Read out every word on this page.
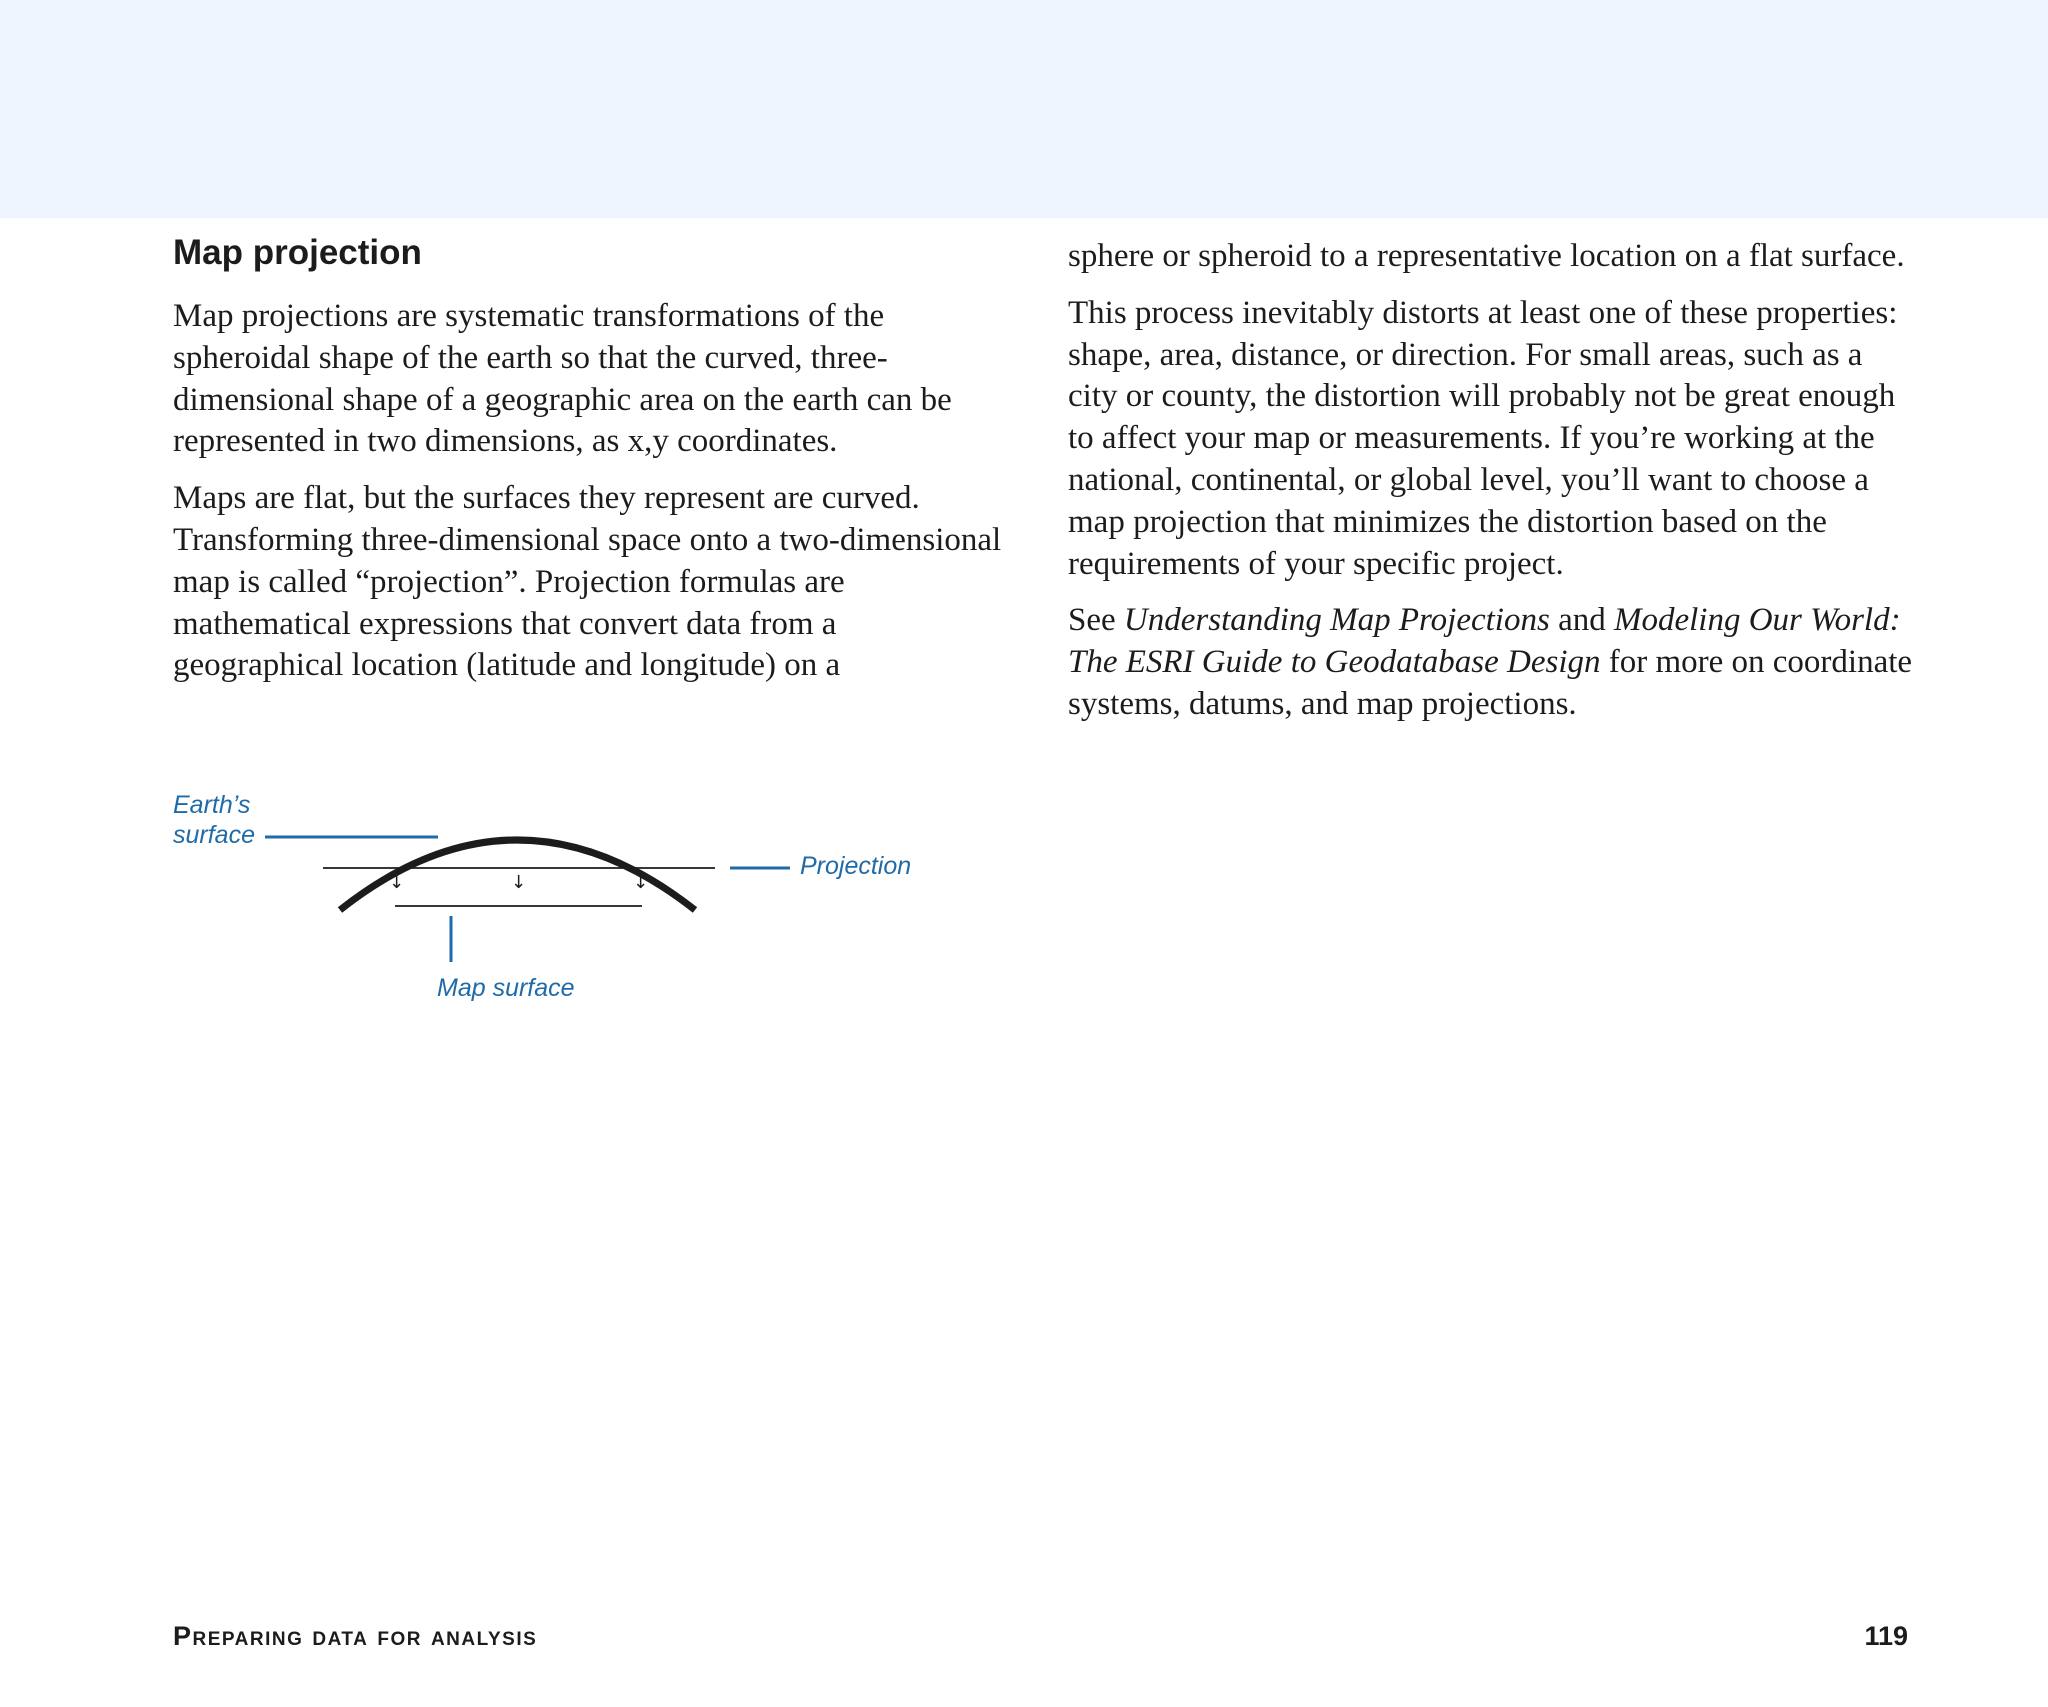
Map projection

Map projections are systematic transformations of the spheroidal shape of the earth so that the curved, three-dimensional shape of a geographic area on the earth can be represented in two dimensions, as x,y coordinates.

Maps are flat, but the surfaces they represent are curved. Transforming three-dimensional space onto a two-dimensional map is called “projection”. Projection formulas are mathematical expressions that convert data from a geographical location (latitude and longitude) on a

sphere or spheroid to a representative location on a flat surface.

This process inevitably distorts at least one of these properties: shape, area, distance, or direction. For small areas, such as a city or county, the distortion will probably not be great enough to affect your map or measurements. If you’re working at the national, continental, or global level, you’ll want to choose a map projection that minimizes the distortion based on the requirements of your specific project.

See Understanding Map Projections and Modeling Our World: The ESRI Guide to Geodatabase Design for more on coordinate systems, datums, and map projections.

Earth’s
surface
Projection
Map surface
↓	↓	↓
Preparing data for analysis	119
